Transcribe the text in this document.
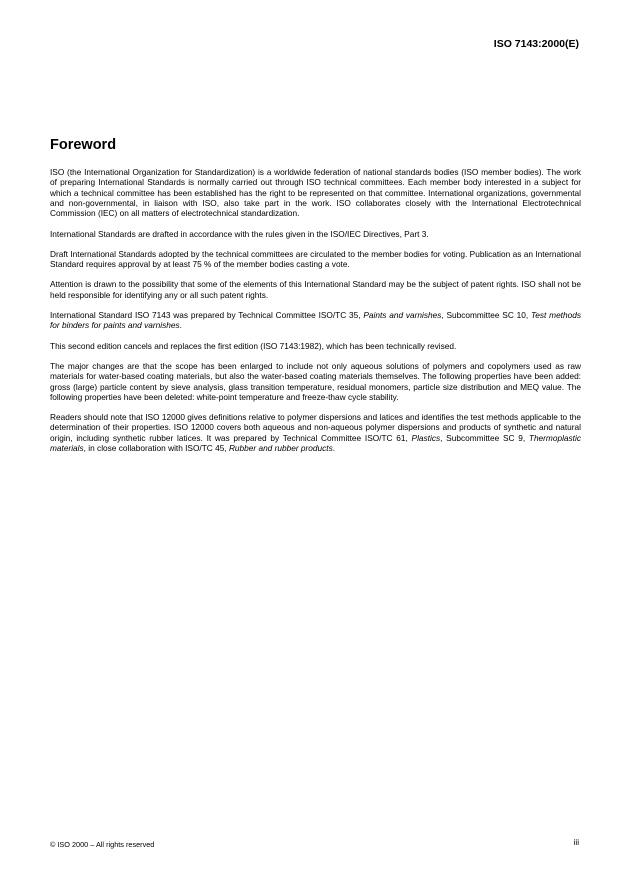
ISO 7143:2000(E)
Foreword

ISO (the International Organization for Standardization) is a worldwide federation of national standards bodies (ISO member bodies). The work of preparing International Standards is normally carried out through ISO technical committees. Each member body interested in a subject for which a technical committee has been established has the right to be represented on that committee. International organizations, governmental and non-governmental, in liaison with ISO, also take part in the work. ISO collaborates closely with the International Electrotechnical Commission (IEC) on all matters of electrotechnical standardization.

International Standards are drafted in accordance with the rules given in the ISO/IEC Directives, Part 3.

Draft International Standards adopted by the technical committees are circulated to the member bodies for voting. Publication as an International Standard requires approval by at least 75 % of the member bodies casting a vote.

Attention is drawn to the possibility that some of the elements of this International Standard may be the subject of patent rights. ISO shall not be held responsible for identifying any or all such patent rights.

International Standard ISO 7143 was prepared by Technical Committee ISO/TC 35, Paints and varnishes, Subcommittee SC 10, Test methods for binders for paints and varnishes.

This second edition cancels and replaces the first edition (ISO 7143:1982), which has been technically revised.

The major changes are that the scope has been enlarged to include not only aqueous solutions of polymers and copolymers used as raw materials for water-based coating materials, but also the water-based coating materials themselves. The following properties have been added: gross (large) particle content by sieve analysis, glass transition temperature, residual monomers, particle size distribution and MEQ value. The following properties have been deleted: white-point temperature and freeze-thaw cycle stability.

Readers should note that ISO 12000 gives definitions relative to polymer dispersions and latices and identifies the test methods applicable to the determination of their properties. ISO 12000 covers both aqueous and non-aqueous polymer dispersions and products of synthetic and natural origin, including synthetic rubber latices. It was prepared by Technical Committee ISO/TC 61, Plastics, Subcommittee SC 9, Thermoplastic materials, in close collaboration with ISO/TC 45, Rubber and rubber products.

© ISO 2000 – All rights reserved	iii
